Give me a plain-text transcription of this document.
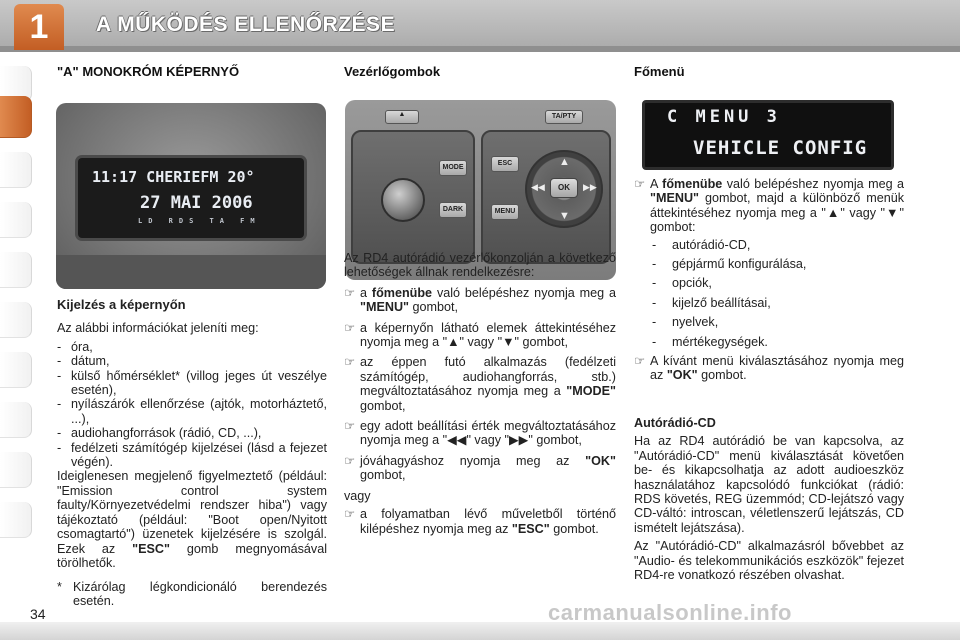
1	A MŰKÖDÉS ELLENŐRZÉSE
"A" MONOKRÓM KÉPERNYŐ
11:17 CHERIEFM 20°
27 MAI 2006
LD RDS TA FM
Kijelzés a képernyőn
Az alábbi információkat jeleníti meg:
- óra,
- dátum,
- külső hőmérséklet* (villog jeges út veszélye esetén),
- nyílászárók ellenőrzése (ajtók, motorháztető, ...),
- audiohangforrások (rádió, CD, ...),
- fedélzeti számítógép kijelzései (lásd a fejezet végén).
Ideiglenesen megjelenő figyelmeztető (például: "Emission control system faulty/Környezetvédelmi rendszer hiba") vagy tájékoztató (például: "Boot open/Nyitott csomagtartó") üzenetek kijelzésére is szolgál. Ezek az "ESC" gomb megnyomásával törölhetők.
* Kizárólag légkondicionáló berendezés esetén.
Vezérlőgombok
▲	TA/PTY
MODE
DARK
ESC
MENU
▲
▼
◀◀	▶▶
OK
Az RD4 autórádió vezérlőkonzolján a következő lehetőségek állnak rendelkezésre:
☞ a főmenübe való belépéshez nyomja meg a "MENU" gombot,
☞ a képernyőn látható elemek áttekintéséhez nyomja meg a "▲" vagy "▼" gombot,
☞ az éppen futó alkalmazás (fedélzeti számítógép, audiohangforrás, stb.) megváltoztatásához nyomja meg a "MODE" gombot,
☞ egy adott beállítási érték megváltoztatásához nyomja meg a "◀◀" vagy "▶▶" gombot,
☞ jóváhagyáshoz nyomja meg az "OK" gombot,
vagy
☞ a folyamatban lévő műveletből történő kilépéshez nyomja meg az "ESC" gombot.
Főmenü
C MENU 3
VEHICLE CONFIG
☞ A főmenübe való belépéshez nyomja meg a "MENU" gombot, majd a különböző menük áttekintéséhez nyomja meg a "▲" vagy "▼" gombot:
-	autórádió-CD,
-	gépjármű konfigurálása,
-	opciók,
-	kijelző beállításai,
-	nyelvek,
-	mértékegységek.
☞ A kívánt menü kiválasztásához nyomja meg az "OK" gombot.
Autórádió-CD
Ha az RD4 autórádió be van kapcsolva, az "Autórádió-CD" menü kiválasztását követően be- és kikapcsolhatja az adott audioeszköz használatához kapcsolódó funkciókat (rádió: RDS követés, REG üzemmód; CD-lejátszó vagy CD-váltó: introscan, véletlenszerű lejátszás, CD ismételt lejátszása).
Az "Autórádió-CD" alkalmazásról bővebbet az "Audio- és telekommunikációs eszközök" fejezet RD4-re vonatkozó részében olvashat.
34	carmanualsonline.info
